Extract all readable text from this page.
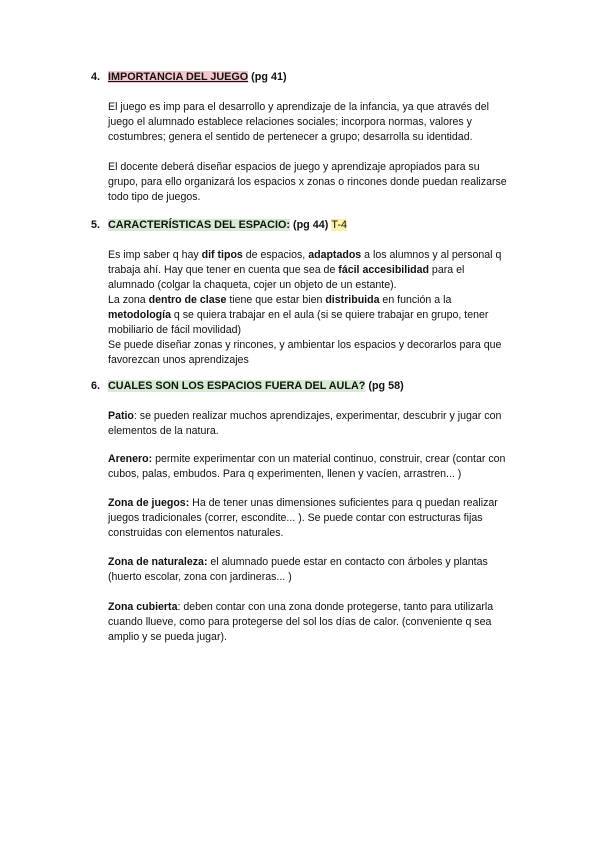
4. IMPORTANCIA DEL JUEGO (pg 41)

El juego es imp para el desarrollo y aprendizaje de la infancia, ya que através del
juego el alumnado establece relaciones sociales; incorpora normas, valores y
costumbres; genera el sentido de pertenecer a grupo; desarrolla su identidad.

El docente deberá diseñar espacios de juego y aprendizaje apropiados para su
grupo, para ello organizará los espacios x zonas o rincones donde puedan realizarse
todo tipo de juegos.

5. CARACTERÍSTICAS DEL ESPACIO: (pg 44) T-4

Es imp saber q hay dif tipos de espacios, adaptados a los alumnos y al personal q
trabaja ahí. Hay que tener en cuenta que sea de fácil accesibilidad para el
alumnado (colgar la chaqueta, cojer un objeto de un estante).
La zona dentro de clase tiene que estar bien distribuida en función a la
metodología q se quiera trabajar en el aula (si se quiere trabajar en grupo, tener
mobiliario de fácil movilidad)
Se puede diseñar zonas y rincones, y ambientar los espacios y decorarlos para que
favorezcan unos aprendizajes

6. CUALES SON LOS ESPACIOS FUERA DEL AULA? (pg 58)

Patio: se pueden realizar muchos aprendizajes, experimentar, descubrir y jugar con
elementos de la natura.

Arenero: permite experimentar con un material continuo, construir, crear (contar con
cubos, palas, embudos. Para q experimenten, llenen y vacíen, arrastren... )

Zona de juegos: Ha de tener unas dimensiones suficientes para q puedan realizar
juegos tradicionales (correr, escondite... ). Se puede contar con estructuras fijas
construidas con elementos naturales.

Zona de naturaleza: el alumnado puede estar en contacto con árboles y plantas
(huerto escolar, zona con jardineras... )

Zona cubierta: deben contar con una zona donde protegerse, tanto para utilizarla
cuando llueve, como para protegerse del sol los días de calor. (conveniente q sea
amplio y se pueda jugar).
